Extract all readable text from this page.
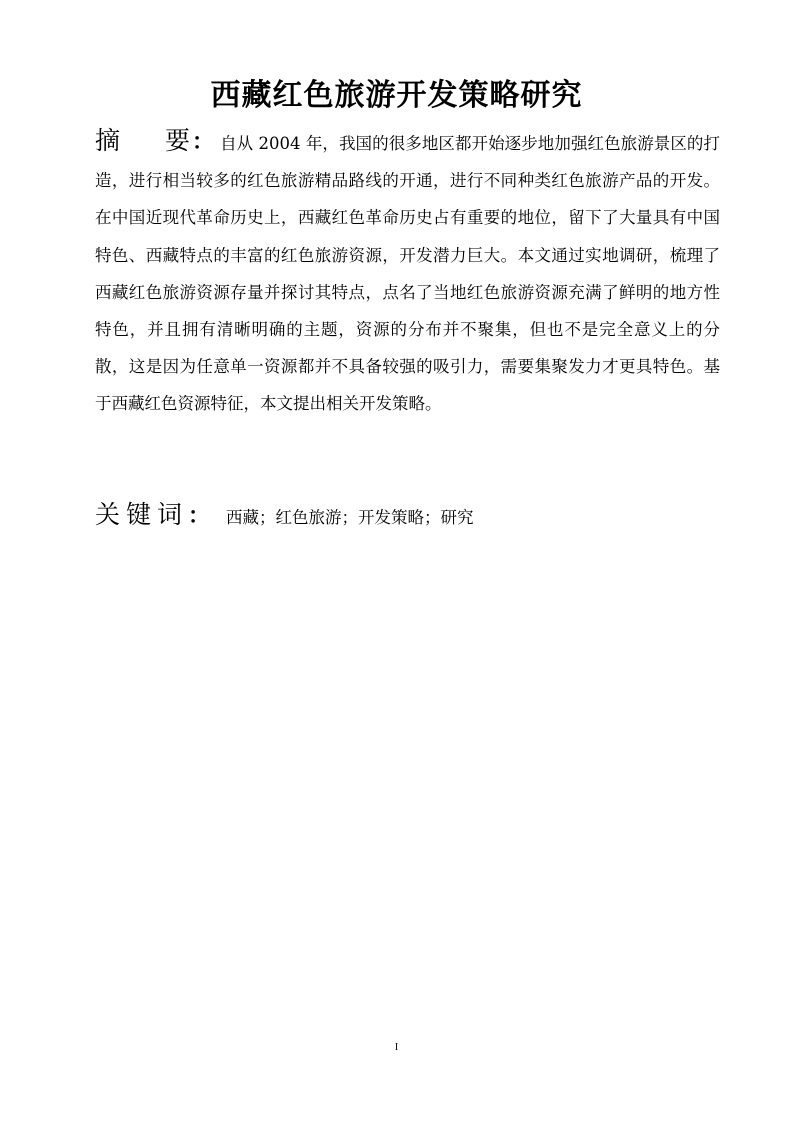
西藏红色旅游开发策略研究
摘 要： 自从 2004 年，我国的很多地区都开始逐步地加强红色旅游景区的打造，进行相当较多的红色旅游精品路线的开通，进行不同种类红色旅游产品的开发。在中国近现代革命历史上，西藏红色革命历史占有重要的地位，留下了大量具有中国特色、西藏特点的丰富的红色旅游资源，开发潜力巨大。本文通过实地调研，梳理了西藏红色旅游资源存量并探讨其特点，点名了当地红色旅游资源充满了鲜明的地方性特色，并且拥有清晰明确的主题，资源的分布并不聚集，但也不是完全意义上的分散，这是因为任意单一资源都并不具备较强的吸引力，需要集聚发力才更具特色。基于西藏红色资源特征，本文提出相关开发策略。
关键词： 西藏；红色旅游；开发策略；研究
I
